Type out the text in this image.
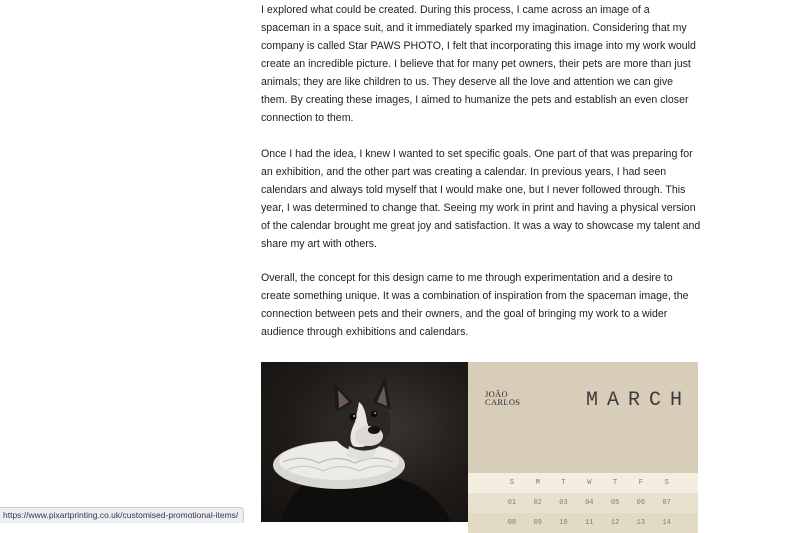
I explored what could be created. During this process, I came across an image of a spaceman in a space suit, and it immediately sparked my imagination. Considering that my company is called Star PAWS PHOTO, I felt that incorporating this image into my work would create an incredible picture. I believe that for many pet owners, their pets are more than just animals; they are like children to us. They deserve all the love and attention we can give them. By creating these images, I aimed to humanize the pets and establish an even closer connection to them.

Once I had the idea, I knew I wanted to set specific goals. One part of that was preparing for an exhibition, and the other part was creating a calendar. In previous years, I had seen calendars and always told myself that I would make one, but I never followed through. This year, I was determined to change that. Seeing my work in print and having a physical version of the calendar brought me great joy and satisfaction. It was a way to showcase my talent and share my art with others.

Overall, the concept for this design came to me through experimentation and a desire to create something unique. It was a combination of inspiration from the spaceman image, the connection between pets and their owners, and the goal of bringing my work to a wider audience through exhibitions and calendars.

JOÃO
CARLOS	MARCH
S	M	T	W	T	F	S
01	02	03	04	05	06	07
08	09	10	11	12	13	14
https://www.pixartprinting.co.uk/customised-promotional-items/
